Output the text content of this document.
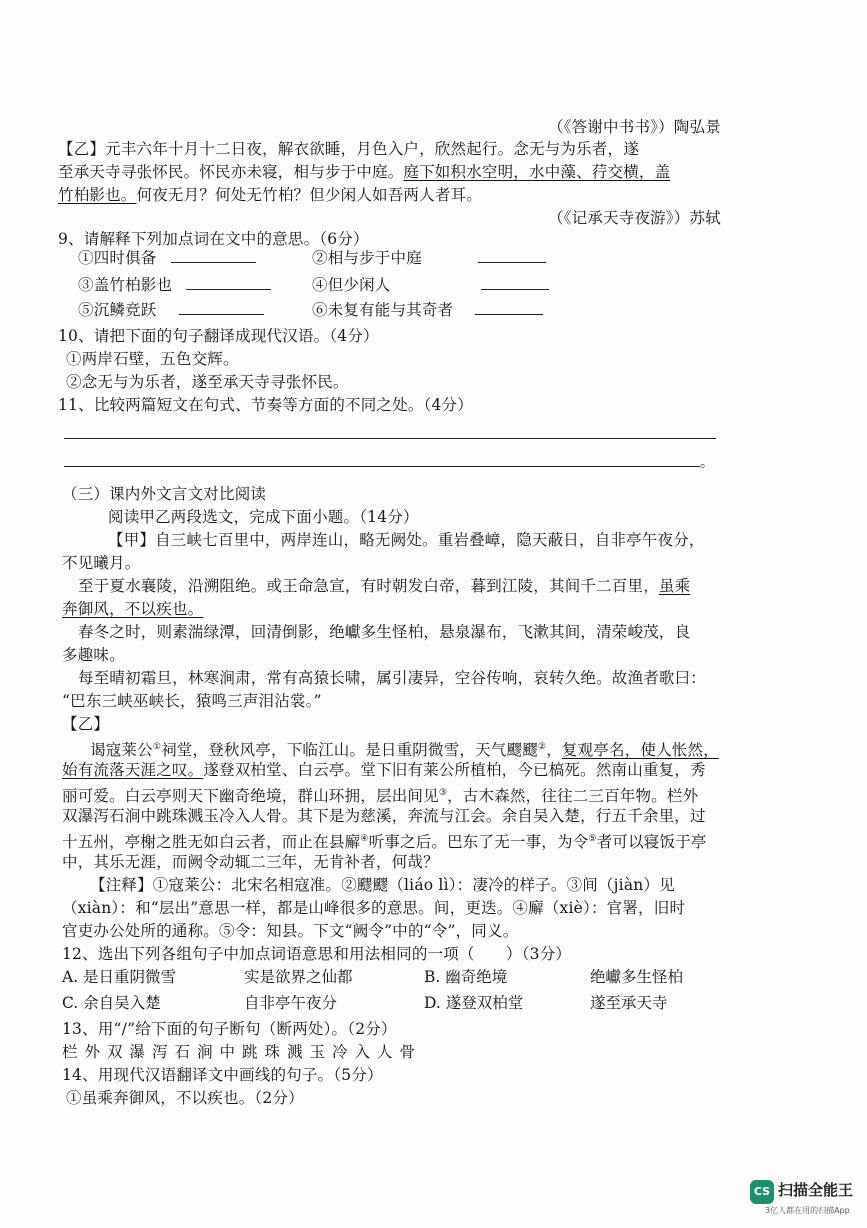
（《答谢中书书》）陶弘景
【乙】元丰六年十月十二日夜，解衣欲睡，月色入户，欣然起行。念无与为乐者，遂
至承天寺寻张怀民。怀民亦未寝，相与步于中庭。庭下如积水空明，水中藻、荇交横，盖
竹柏影也。何夜无月？何处无竹柏？但少闲人如吾两人者耳。
（《记承天寺夜游》）苏轼
9、请解释下列加点词在文中的意思。（6分）
①四时俱备	②相与步于中庭
③盖竹柏影也	④但少闲人
⑤沉鳞竞跃	⑥未复有能与其奇者
10、请把下面的句子翻译成现代汉语。（4分）
①两岸石壁，五色交辉。
②念无与为乐者，遂至承天寺寻张怀民。
11、比较两篇短文在句式、节奏等方面的不同之处。（4分）
。
（三）课内外文言文对比阅读
阅读甲乙两段选文，完成下面小题。（14分）
【甲】自三峡七百里中，两岸连山，略无阙处。重岩叠嶂，隐天蔽日，自非亭午夜分，
不见曦月。
至于夏水襄陵，沿溯阻绝。或王命急宣，有时朝发白帝，暮到江陵，其间千二百里，虽乘
奔御风，不以疾也。
春冬之时，则素湍绿潭，回清倒影，绝巘多生怪柏，悬泉瀑布，飞漱其间，清荣峻茂，良
多趣味。
每至晴初霜旦，林寒涧肃，常有高猿长啸，属引凄异，空谷传响，哀转久绝。故渔者歌曰：
“巴东三峡巫峡长，猿鸣三声泪沾裳。”
【乙】
谒寇莱公①祠堂，登秋风亭，下临江山。是日重阴微雪，天气飂飂②，复观亭名，使人怅然，
始有流落天涯之叹。遂登双柏堂、白云亭。堂下旧有莱公所植柏，今已槁死。然南山重复，秀
丽可爱。白云亭则天下幽奇绝境，群山环拥，层出间见③，古木森然，往往二三百年物。栏外
双瀑泻石涧中跳珠溅玉冷入人骨。其下是为慈溪，奔流与江会。余自吴入楚，行五千余里，过
十五州，亭榭之胜无如白云者，而止在县廨④听事之后。巴东了无一事，为令⑤者可以寝饭于亭
中，其乐无涯，而阙令动辄二三年，无肯补者，何哉？
【注释】①寇莱公：北宋名相寇准。②飂飂（liáo lì）：凄冷的样子。③间（jiàn）见
（xiàn）：和“层出”意思一样，都是山峰很多的意思。间，更迭。④廨（xiè）：官署，旧时
官吏办公处所的通称。⑤令：知县。下文“阙令”中的“令”，同义。
12、选出下列各组句子中加点词语意思和用法相同的一项（　　）（3分）
A. 是日重阴微雪	实是欲界之仙都	B. 幽奇绝境	绝巘多生怪柏
C. 余自吴入楚	自非亭午夜分	D. 遂登双柏堂	遂至承天寺
13、用“/”给下面的句子断句（断两处）。（2分）
栏外双瀑泻石涧中跳珠溅玉冷入人骨
14、用现代汉语翻译文中画线的句子。（5分）
①虽乘奔御风，不以疾也。（2分）
CS 扫描全能王
3亿人都在用的扫描App
